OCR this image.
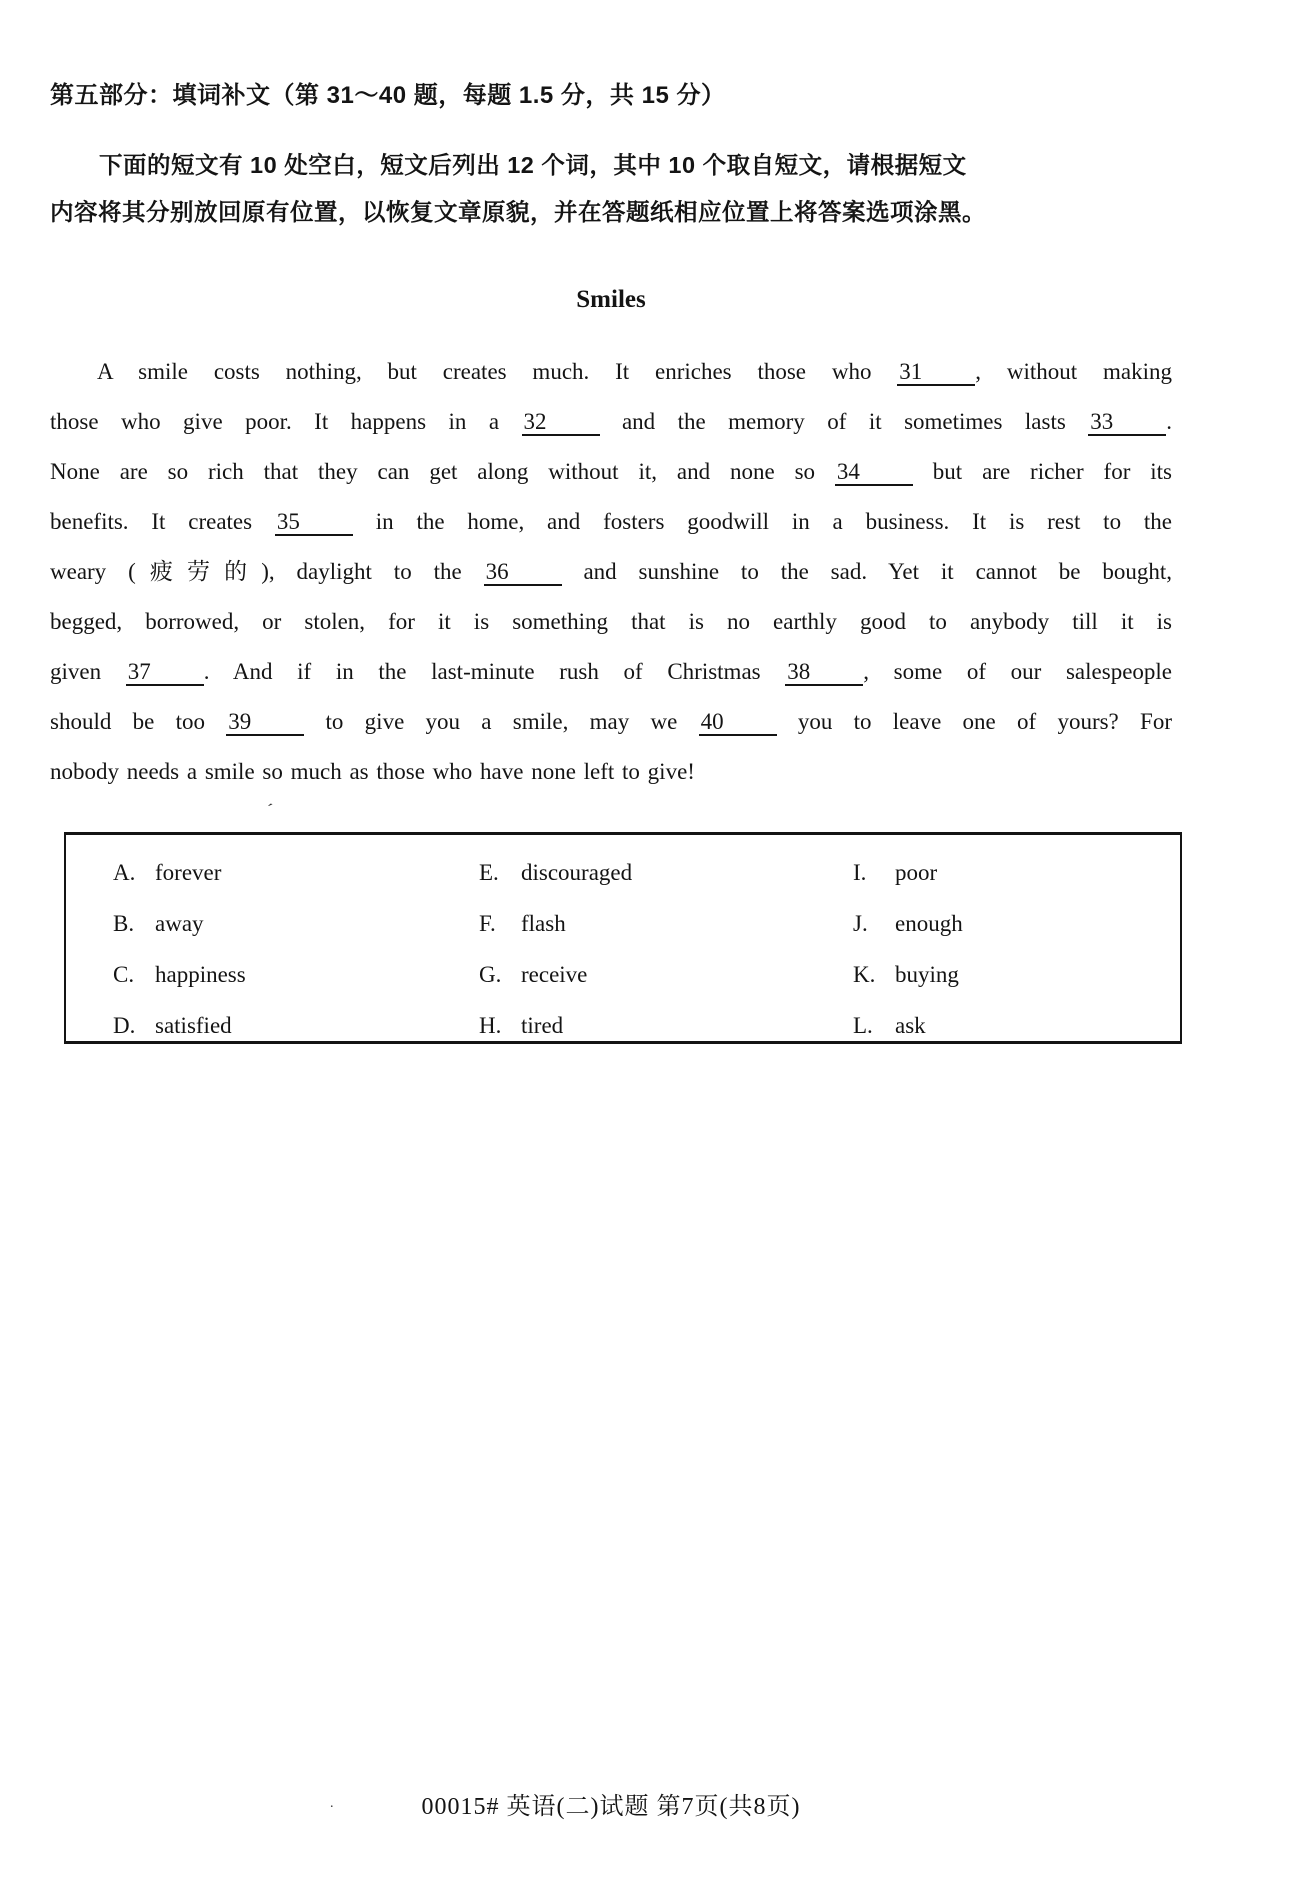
第五部分：填词补文（第 31～40 题，每题 1.5 分，共 15 分）
下面的短文有 10 处空白，短文后列出 12 个词，其中 10 个取自短文，请根据短文
内容将其分别放回原有位置，以恢复文章原貌，并在答题纸相应位置上将答案选项涂黑。
Smiles
A smile costs nothing, but creates much. It enriches those who 31 , without making
those who give poor. It happens in a 32 and the memory of it sometimes lasts 33 .
None are so rich that they can get along without it, and none so 34 but are richer for its
benefits. It creates 35 in the home, and fosters goodwill in a business. It is rest to the
weary (疲劳的), daylight to the 36 and sunshine to the sad. Yet it cannot be bought,
begged, borrowed, or stolen, for it is something that is no earthly good to anybody till it is
given 37 . And if in the last-minute rush of Christmas 38 , some of our salespeople
should be too 39 to give you a smile, may we 40 you to leave one of yours? For
nobody needs a smile so much as those who have none left to give!
ˊ
A. forever	E. discouraged	I.	poor
B. away	F.	flash	J.	enough
C. happiness	G. receive	K. buying
D. satisfied	H. tired	L. ask
.	00015# 英语(二)试题 第7页(共8页)
